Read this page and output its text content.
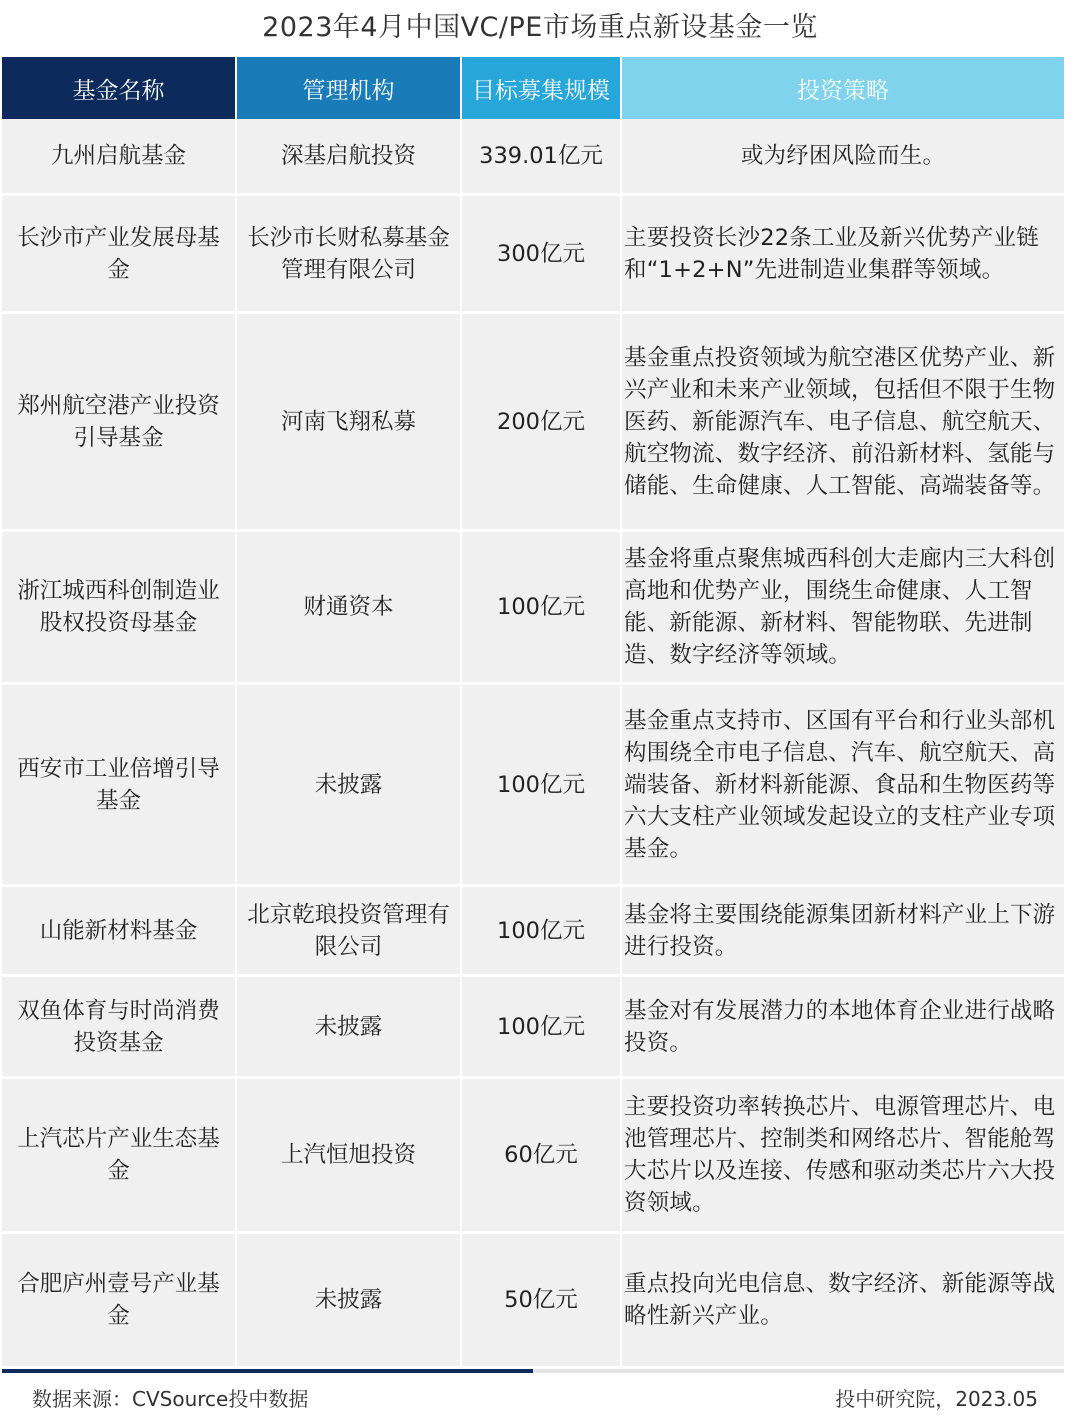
2023年4月中国VC/PE市场重点新设基金一览
基金名称	管理机构	目标募集规模	投资策略
九州启航基金	深基启航投资	339.01亿元	或为纾困风险而生。
长沙市产业发展母基金	长沙市长财私募基金管理有限公司	300亿元	主要投资长沙22条工业及新兴优势产业链和“1+2+N”先进制造业集群等领域。
郑州航空港产业投资引导基金	河南飞翔私募	200亿元	基金重点投资领域为航空港区优势产业、新兴产业和未来产业领域，包括但不限于生物医药、新能源汽车、电子信息、航空航天、航空物流、数字经济、前沿新材料、氢能与储能、生命健康、人工智能、高端装备等。
浙江城西科创制造业股权投资母基金	财通资本	100亿元	基金将重点聚焦城西科创大走廊内三大科创高地和优势产业，围绕生命健康、人工智能、新能源、新材料、智能物联、先进制造、数字经济等领域。
西安市工业倍增引导基金	未披露	100亿元	基金重点支持市、区国有平台和行业头部机构围绕全市电子信息、汽车、航空航天、高端装备、新材料新能源、食品和生物医药等六大支柱产业领域发起设立的支柱产业专项基金。
山能新材料基金	北京乾琅投资管理有限公司	100亿元	基金将主要围绕能源集团新材料产业上下游进行投资。
双鱼体育与时尚消费投资基金	未披露	100亿元	基金对有发展潜力的本地体育企业进行战略投资。
上汽芯片产业生态基金	上汽恒旭投资	60亿元	主要投资功率转换芯片、电源管理芯片、电池管理芯片、控制类和网络芯片、智能舱驾大芯片以及连接、传感和驱动类芯片六大投资领域。
合肥庐州壹号产业基金	未披露	50亿元	重点投向光电信息、数字经济、新能源等战略性新兴产业。
数据来源：CVSource投中数据	投中研究院，2023.05
